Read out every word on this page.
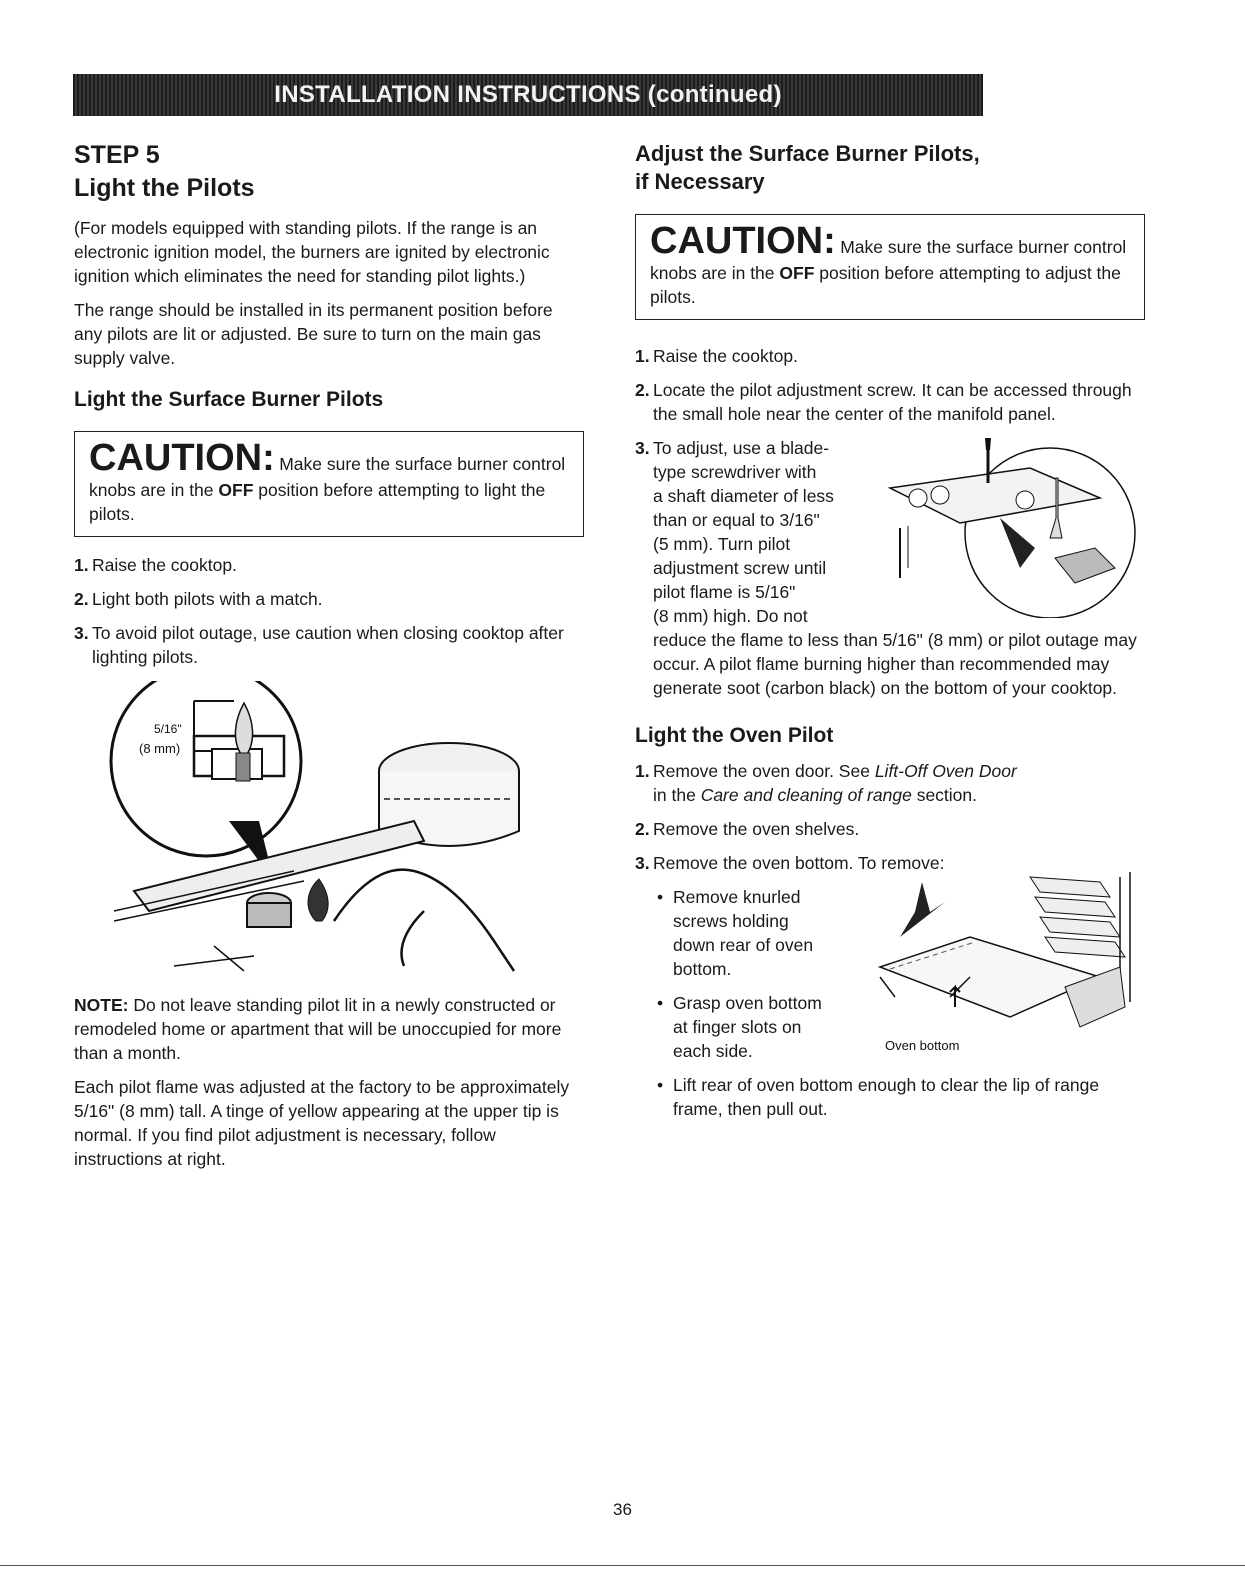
INSTALLATION INSTRUCTIONS (continued)
STEP 5
Light the Pilots

(For models equipped with standing pilots. If the range is an electronic ignition model, the burners are ignited by electronic ignition which eliminates the need for standing pilot lights.)

The range should be installed in its permanent position before any pilots are lit or adjusted. Be sure to turn on the main gas supply valve.

Light the Surface Burner Pilots
CAUTION: Make sure the surface burner control knobs are in the OFF position before attempting to light the pilots.
1. Raise the cooktop.
2. Light both pilots with a match.
3. To avoid pilot outage, use caution when closing cooktop after lighting pilots.
5/16"
(8 mm)

NOTE: Do not leave standing pilot lit in a newly constructed or remodeled home or apartment that will be unoccupied for more than a month.

Each pilot flame was adjusted at the factory to be approximately 5/16" (8 mm) tall. A tinge of yellow appearing at the upper tip is normal. If you find pilot adjustment is necessary, follow instructions at right.

Adjust the Surface Burner Pilots,
if Necessary
CAUTION: Make sure the surface burner control knobs are in the OFF position before attempting to adjust the pilots.
1. Raise the cooktop.
2. Locate the pilot adjustment screw. It can be accessed through the small hole near the center of the manifold panel.
3. To adjust, use a blade-
type screwdriver with
a shaft diameter of less
than or equal to 3/16"
(5 mm). Turn pilot
adjustment screw until
pilot flame is 5/16"
(8 mm) high. Do not
reduce the flame to less than 5/16" (8 mm) or pilot outage may occur. A pilot flame burning higher than recommended may generate soot (carbon black) on the bottom of your cooktop.
Light the Oven Pilot
1. Remove the oven door. See Lift-Off Oven Door
in the Care and cleaning of range section.
2. Remove the oven shelves.
3. Remove the oven bottom. To remove:
• Remove knurled
screws holding
down rear of oven
bottom.
• Grasp oven bottom
at finger slots on
each side.
• Lift rear of oven bottom enough to clear the lip of range frame, then pull out.
Oven bottom
36
